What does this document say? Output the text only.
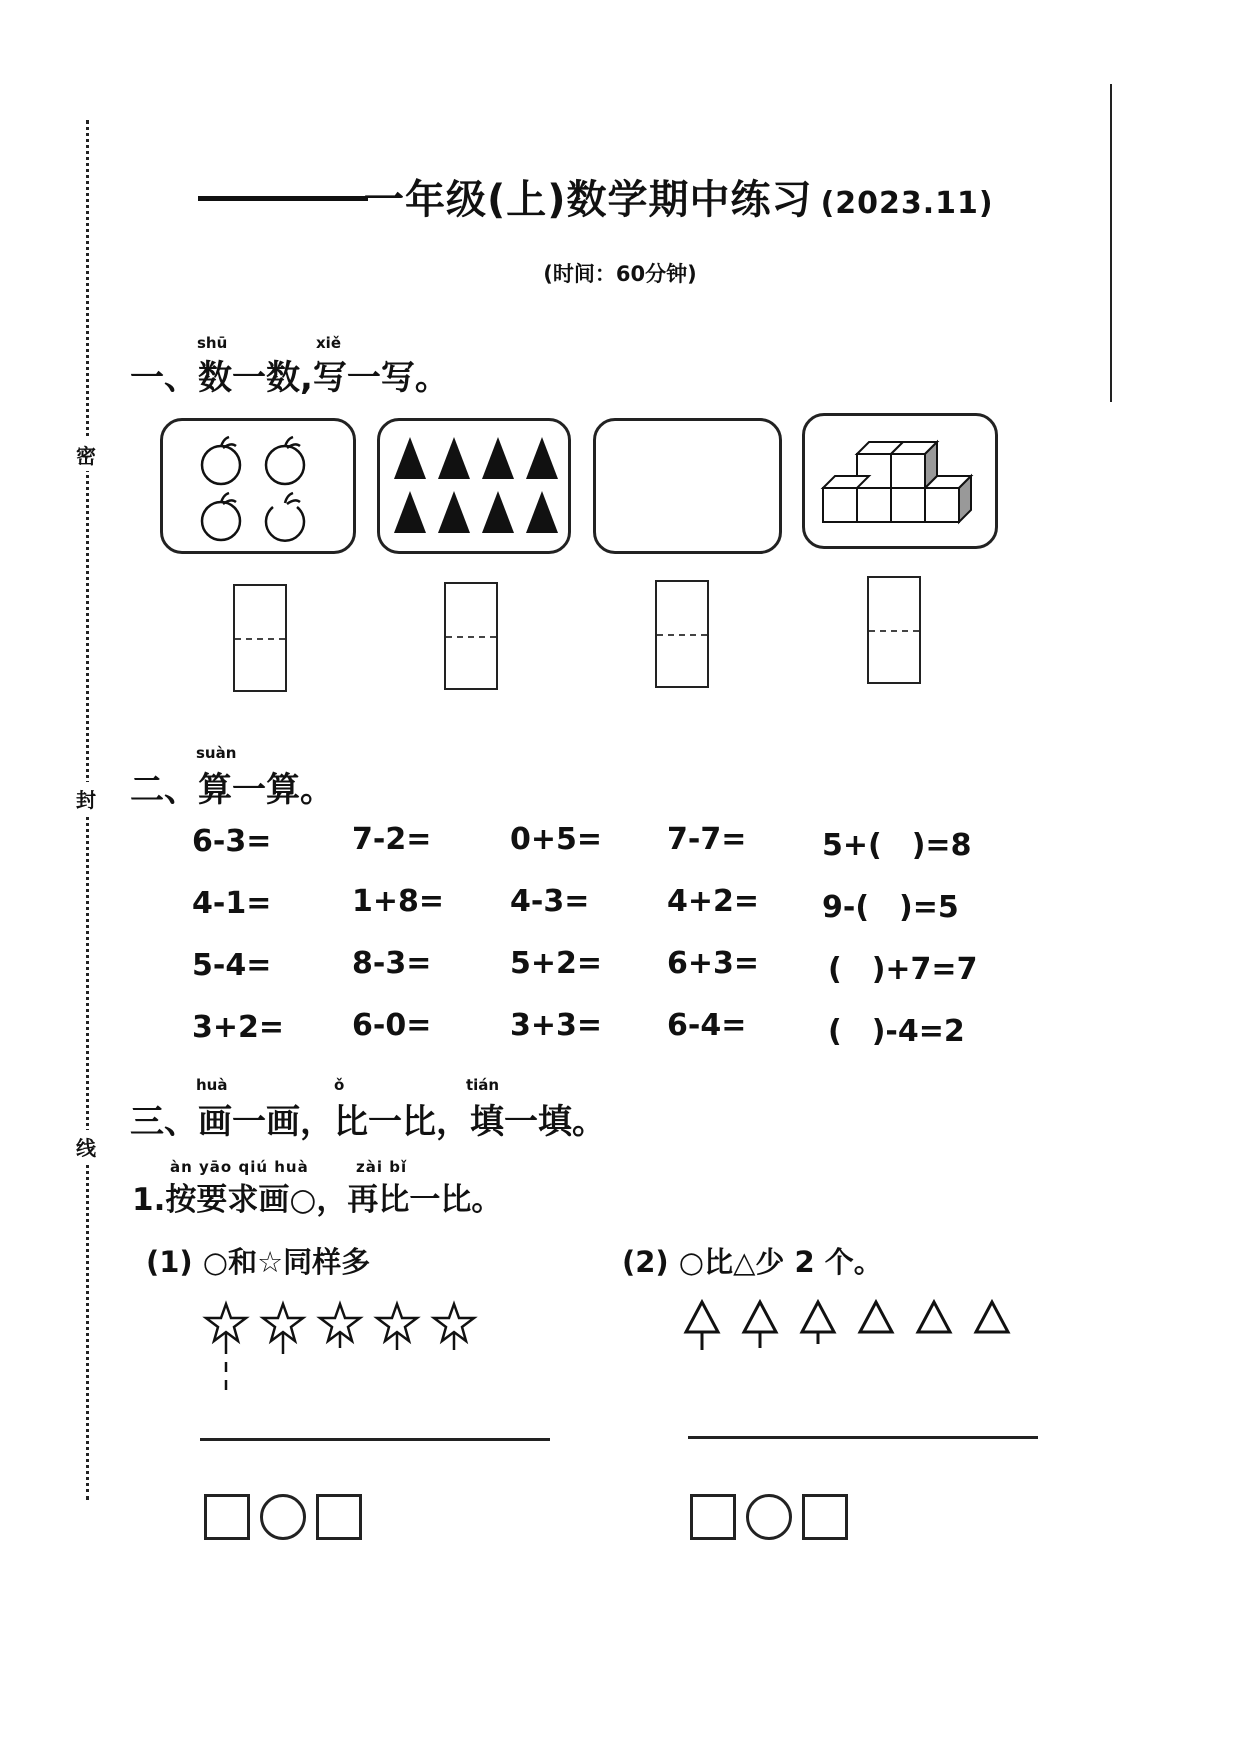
密
封
线
一年级(上)数学期中练习 (2023.11)
(时间：60分钟)
shū	xiě
一、数一数,写一写。
suàn
二、算一算。
6-3=	7-2=	0+5= 7-7=	5+(　)=8
4-1=	1+8= 4-3=	4+2= 9-(　)=5
5-4=	8-3=	5+2= 6+3= (　)+7=7
3+2= 6-0=	3+3= 6-4=	(　)-4=2
huà	ǒ	tián
三、画一画，比一比，填一填。
àn yāo qiú huà	zài bǐ
1.按要求画○，再比一比。
(1) ○和☆同样多	(2) ○比△少 2 个。
